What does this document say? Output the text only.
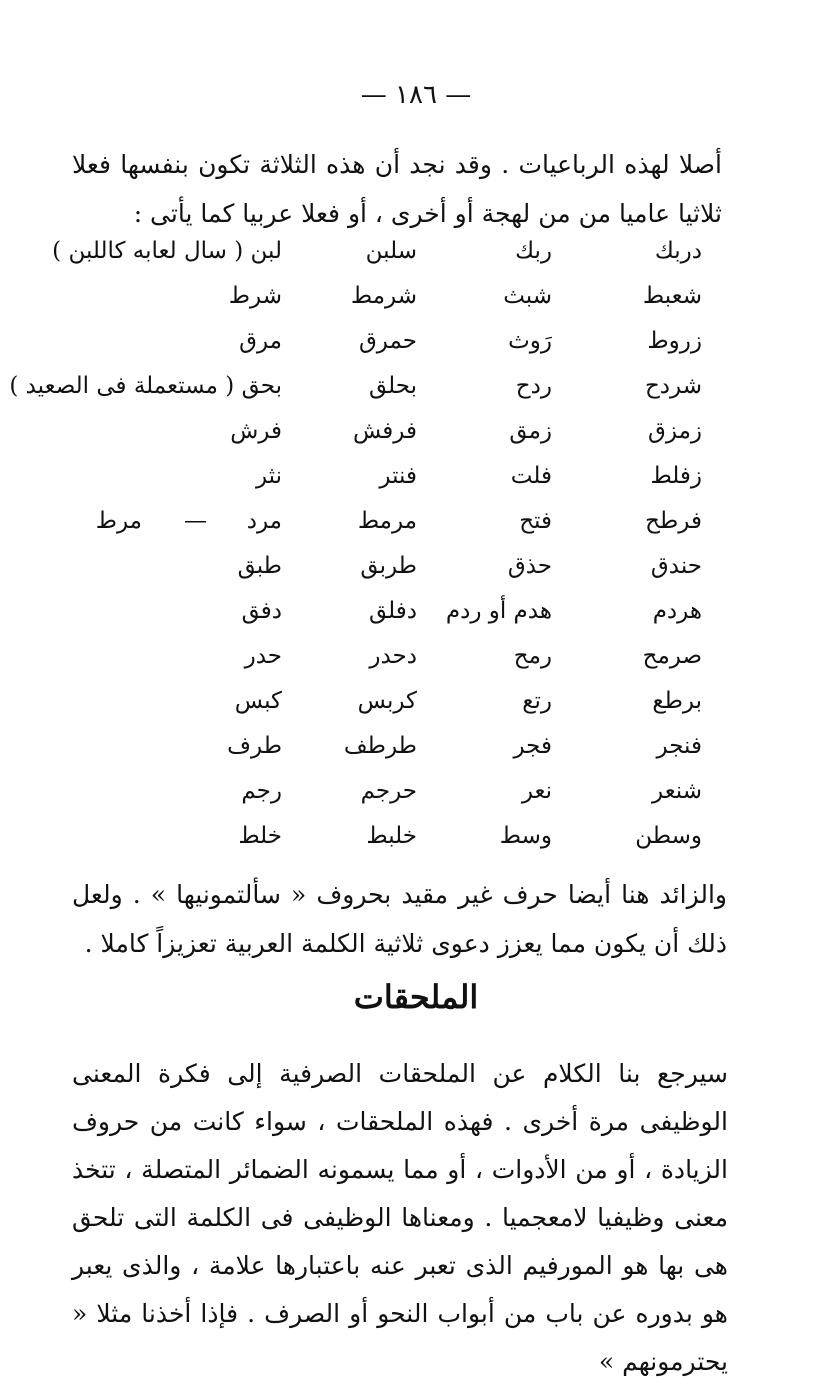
— ١٨٦ —
أصلا لهذه الرباعيات . وقد نجد أن هذه الثلاثة تكون بنفسها فعلا ثلاثيا عاميا من من لهجة أو أخرى ، أو فعلا عربيا كما يأتى :
دربك
ربك
سلبن
لبن ( سال لعابه كاللبن )
شعبط
شبث
شرمط
شرط
زروط
رَوث
حمرق
مرق
شردح
ردح
بحلق
بحق ( مستعملة فى الصعيد )
زمزق
زمق
فرفش
فرش
زفلط
فلت
فنتر
نثر
فرطح
فتح
مرمط
مرد
—
مرط
حندق
حذق
طربق
طبق
هردم
هدم أو ردم
دفلق
دفق
صرمح
رمح
دحدر
حدر
برطع
رتع
كربس
كبس
فنجر
فجر
طرطف
طرف
شنعر
نعر
حرجم
رجم
وسطن
وسط
خلبط
خلط
والزائد هنا أيضا حرف غير مقيد بحروف « سألتمونيها » . ولعل ذلك أن يكون مما يعزز دعوى ثلاثية الكلمة العربية تعزيزاً كاملا .
الملحقات
سيرجع بنا الكلام عن الملحقات الصرفية إلى فكرة المعنى الوظيفى مرة أخرى . فهذه الملحقات ، سواء كانت من حروف الزيادة ، أو من الأدوات ، أو مما يسمونه الضمائر المتصلة ، تتخذ معنى وظيفيا لامعجميا . ومعناها الوظيفى فى الكلمة التى تلحق هى بها هو المورفيم الذى تعبر عنه باعتبارها علامة ، والذى يعبر هو بدوره عن باب من أبواب النحو أو الصرف . فإذا أخذنا مثلا « يحترمونهم »
